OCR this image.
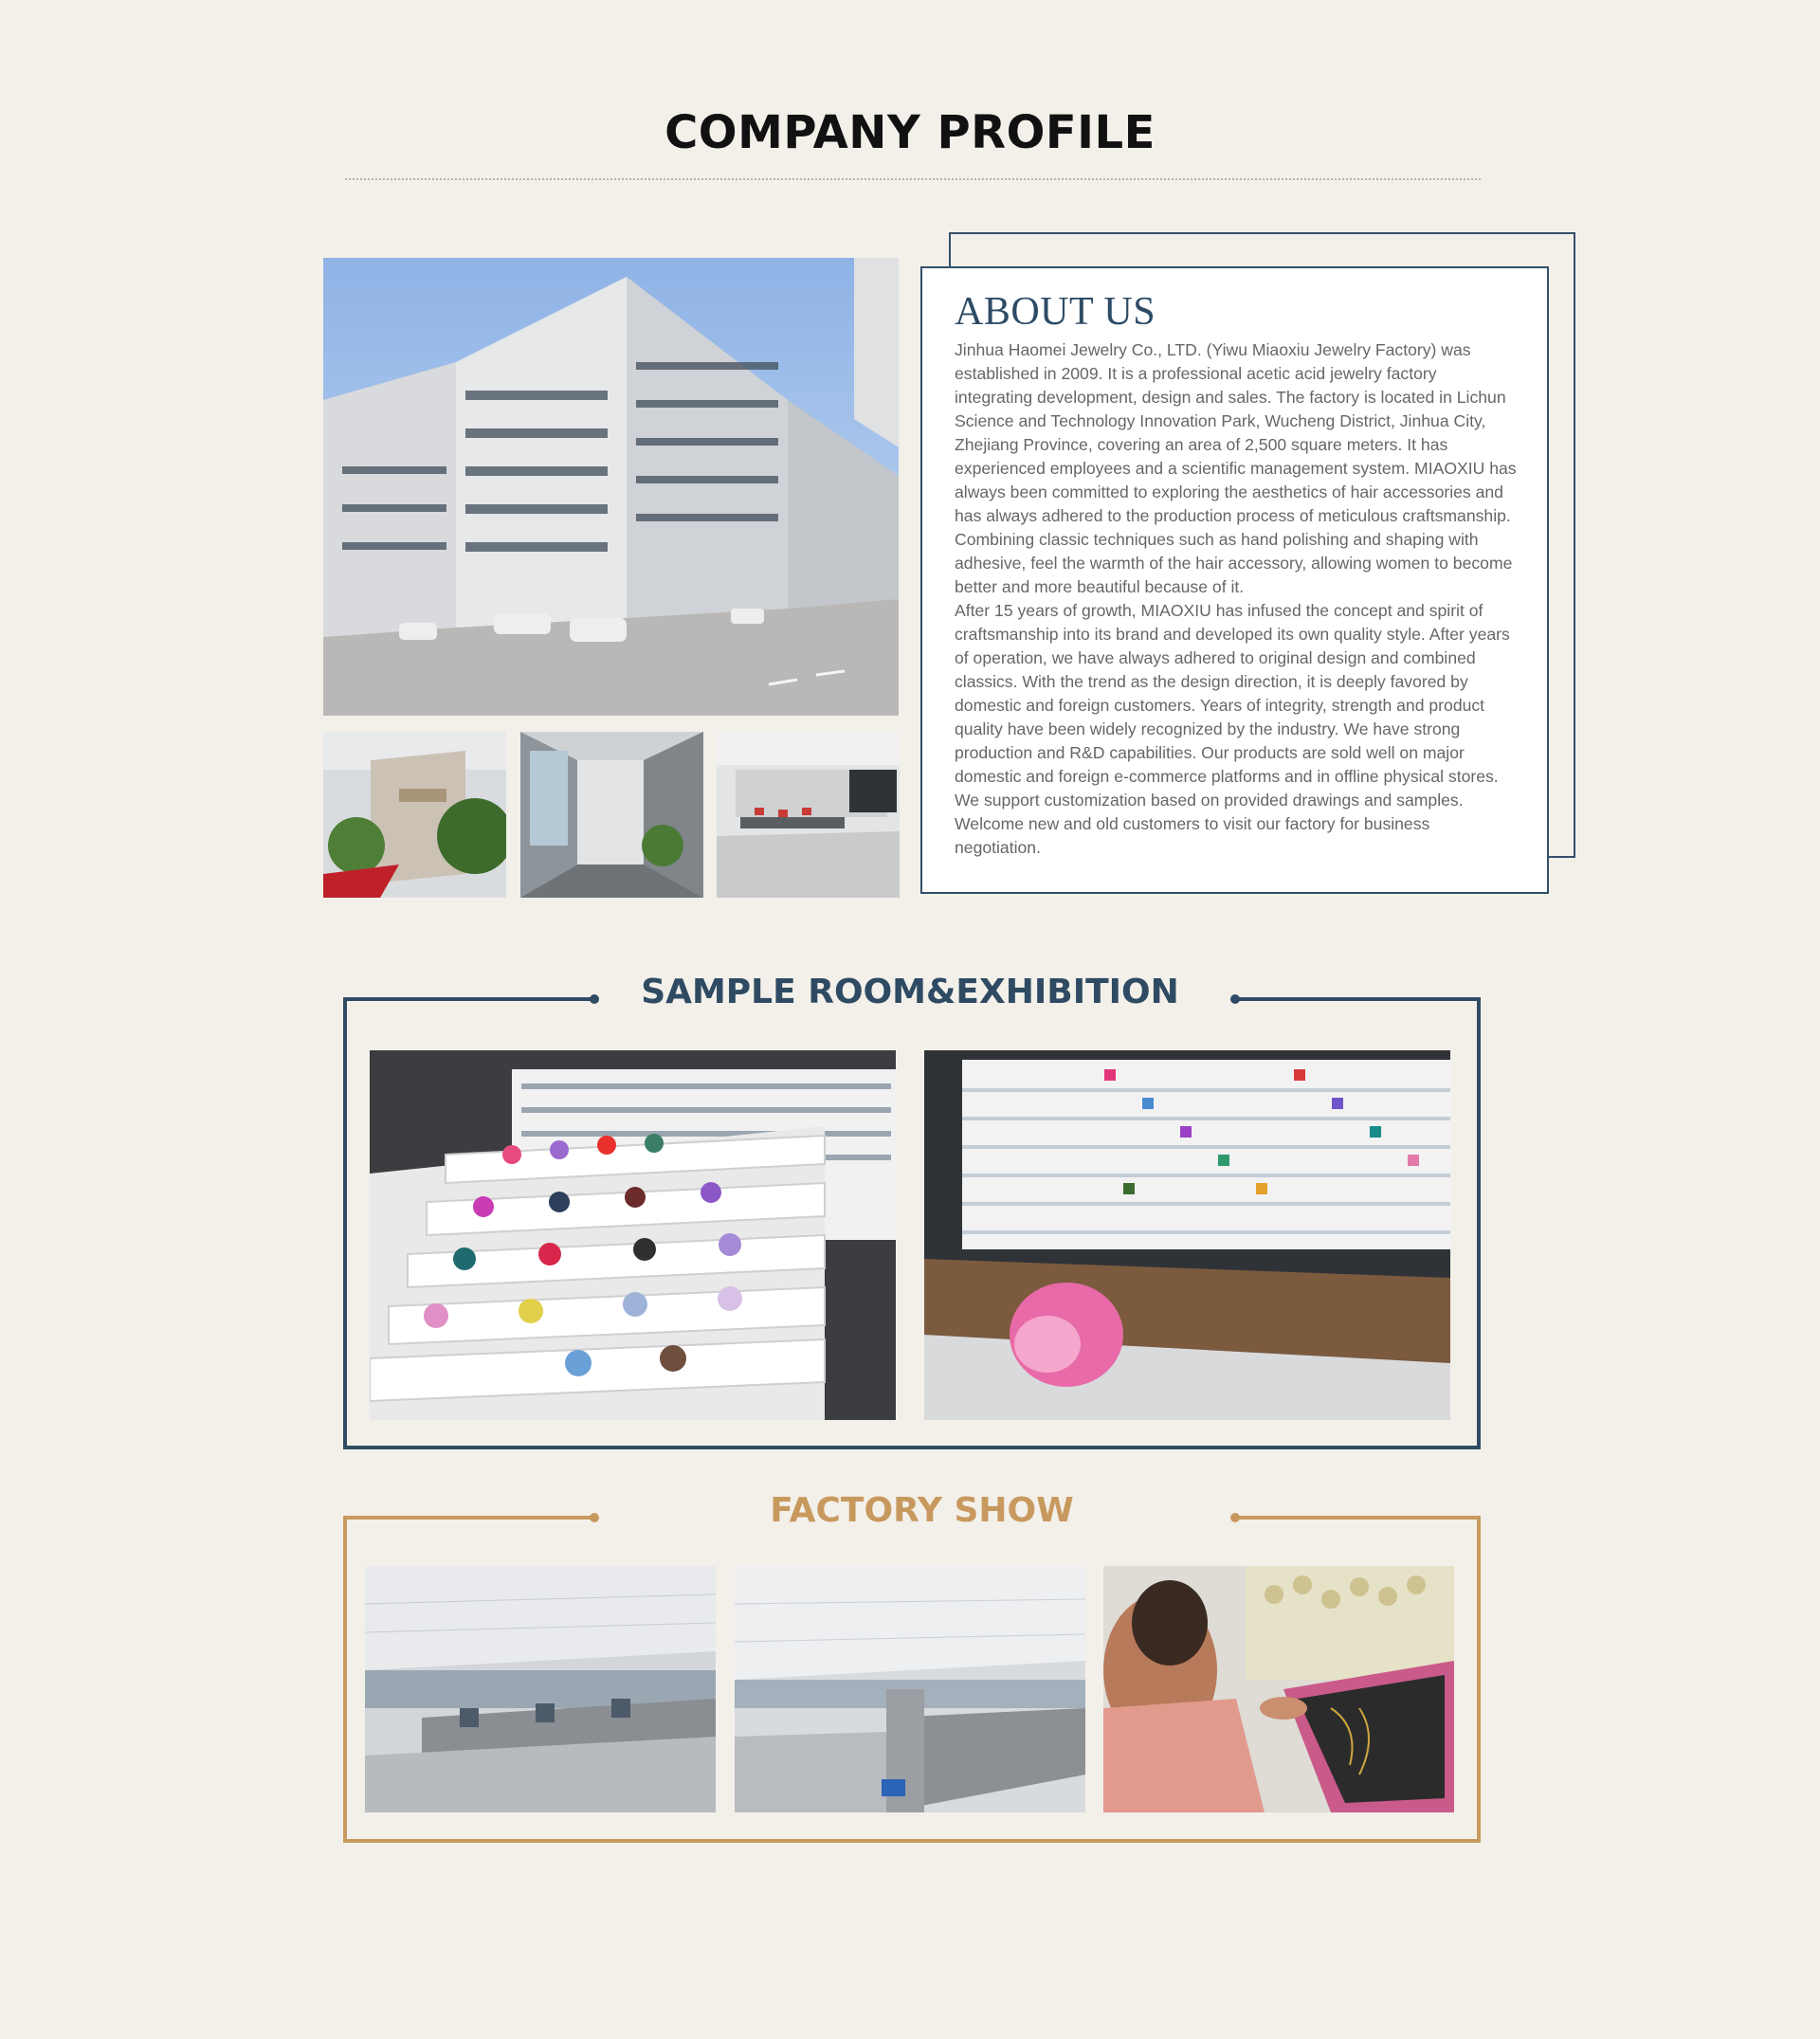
COMPANY PROFILE
ABOUT US

Jinhua Haomei Jewelry Co., LTD. (Yiwu Miaoxiu Jewelry Factory) was established in 2009. It is a professional acetic acid jewelry factory integrating development, design and sales. The factory is located in Lichun Science and Technology Innovation Park, Wucheng District, Jinhua City, Zhejiang Province, covering an area of 2,500 square meters. It has experienced employees and a scientific management system. MIAOXIU has always been committed to exploring the aesthetics of hair accessories and has always adhered to the production process of meticulous craftsmanship. Combining classic techniques such as hand polishing and shaping with adhesive, feel the warmth of the hair accessory, allowing women to become better and more beautiful because of it.
After 15 years of growth, MIAOXIU has infused the concept and spirit of craftsmanship into its brand and developed its own quality style. After years of operation, we have always adhered to original design and combined classics. With the trend as the design direction, it is deeply favored by domestic and foreign customers. Years of integrity, strength and product quality have been widely recognized by the industry. We have strong production and R&D capabilities. Our products are sold well on major domestic and foreign e-commerce platforms and in offline physical stores. We support customization based on provided drawings and samples. Welcome new and old customers to visit our factory for business negotiation.

SAMPLE ROOM&EXHIBITION
FACTORY SHOW
